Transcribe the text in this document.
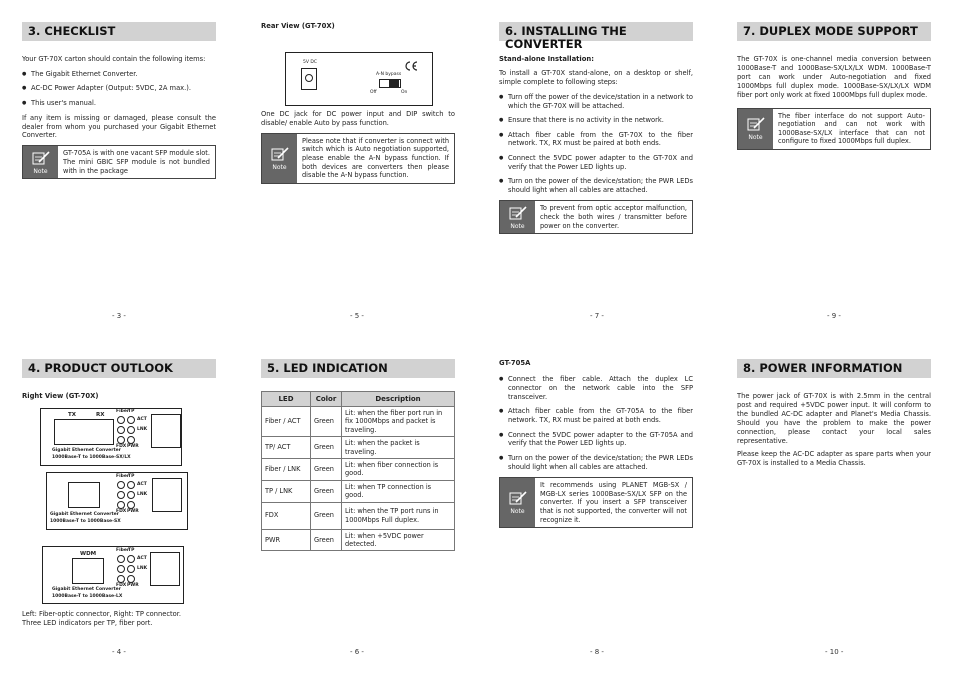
3. CHECKLIST

Your GT-70X carton should contain the following items:

● The Gigabit Ethernet Converter.
● AC-DC Power Adapter (Output: 5VDC, 2A max.).
● This user's manual.

If any item is missing or damaged, please consult the dealer from whom you purchased your Gigabit Ethernet Converter.

Note
GT-705A is with one vacant SFP module slot. The mini GBIC SFP module is not bundled with in the package
- 3 -
Rear View (GT-70X)
5V DC
A-N bypass
Off	On

One DC jack for DC power input and DIP switch to disable/ enable Auto by pass function.

Note
Please note that if converter is connect with switch which is Auto negotiation supported, please enable the A-N bypass function. If both devices are converters then please disable the A-N bypass function.
- 5 -
6. INSTALLING THE CONVERTER
Stand-alone Installation:

To install a GT-70X stand-alone, on a desktop or shelf, simple complete to following steps:

● Turn off the power of the device/station in a network to which the GT-70X will be attached.
● Ensure that there is no activity in the network.
● Attach fiber cable from the GT-70X to the fiber network. TX, RX must be paired at both ends.
● Connect the 5VDC power adapter to the GT-70X and verify that the Power LED lights up.
● Turn on the power of the device/station; the PWR LEDs should light when all cables are attached.
Note
To prevent from optic acceptor malfunction, check the both wires / transmitter before power on the converter.
- 7 -
7. DUPLEX MODE SUPPORT

The GT-70X is one-channel media conversion between 1000Base-T and 1000Base-SX/LX/LX WDM. 1000Base-T port can work under Auto-negotiation and fixed 1000Mbps full duplex mode. 1000Base-SX/LX/LX WDM fiber port only work at fixed 1000Mbps full duplex mode.

Note
The fiber interface do not support Auto-negotiation and can not work with 1000Base-SX/LX interface that can not configure to fixed 1000Mbps full duplex.
- 9 -
4. PRODUCT OUTLOOK
Right View (GT-70X)
TX	RX
Fiber
TP
ACT
LNK
FDX PWR
Gigabit Ethernet Converter
1000Base-T to 1000Base-SX/LX
Fiber
TP
ACT
LNK
FDX PWR
Gigabit Ethernet Converter
1000Base-T to 1000Base-SX
WDM
Fiber
TP
ACT
LNK
FDX PWR
Gigabit Ethernet Converter
1000Base-T to 1000Base-LX
Left: Fiber-optic connector, Right: TP connector.
Three LED indicators per TP, fiber port.
- 4 -
5. LED INDICATION
LED	Color	Description
Fiber / ACT	Green	Lit: when the fiber port run in fix 1000Mbps and packet is traveling.
TP/ ACT	Green	Lit: when the packet is traveling.
Fiber / LNK	Green	Lit: when fiber connection is good.
TP / LNK	Green	Lit: when TP connection is good.
FDX	Green	Lit: when the TP port runs in 1000Mbps Full duplex.
PWR	Green	Lit: when +5VDC power detected.
- 6 -
GT-705A
● Connect the fiber cable. Attach the duplex LC connector on the network cable into the SFP transceiver.
● Attach fiber cable from the GT-705A to the fiber network. TX, RX must be paired at both ends.
● Connect the 5VDC power adapter to the GT-705A and verify that the Power LED lights up.
● Turn on the power of the device/station; the PWR LEDs should light when all cables are attached.
Note
It recommends using PLANET MGB-SX / MGB-LX series 1000Base-SX/LX SFP on the converter. If you insert a SFP transceiver that is not supported, the converter will not recognize it.
- 8 -
8. POWER INFORMATION

The power jack of GT-70X is with 2.5mm in the central post and required +5VDC power input. It will conform to the bundled AC-DC adapter and Planet's Media Chassis. Should you have the problem to make the power connection, please contact your local sales representative.

Please keep the AC-DC adapter as spare parts when your GT-70X is installed to a Media Chassis.

- 10 -
